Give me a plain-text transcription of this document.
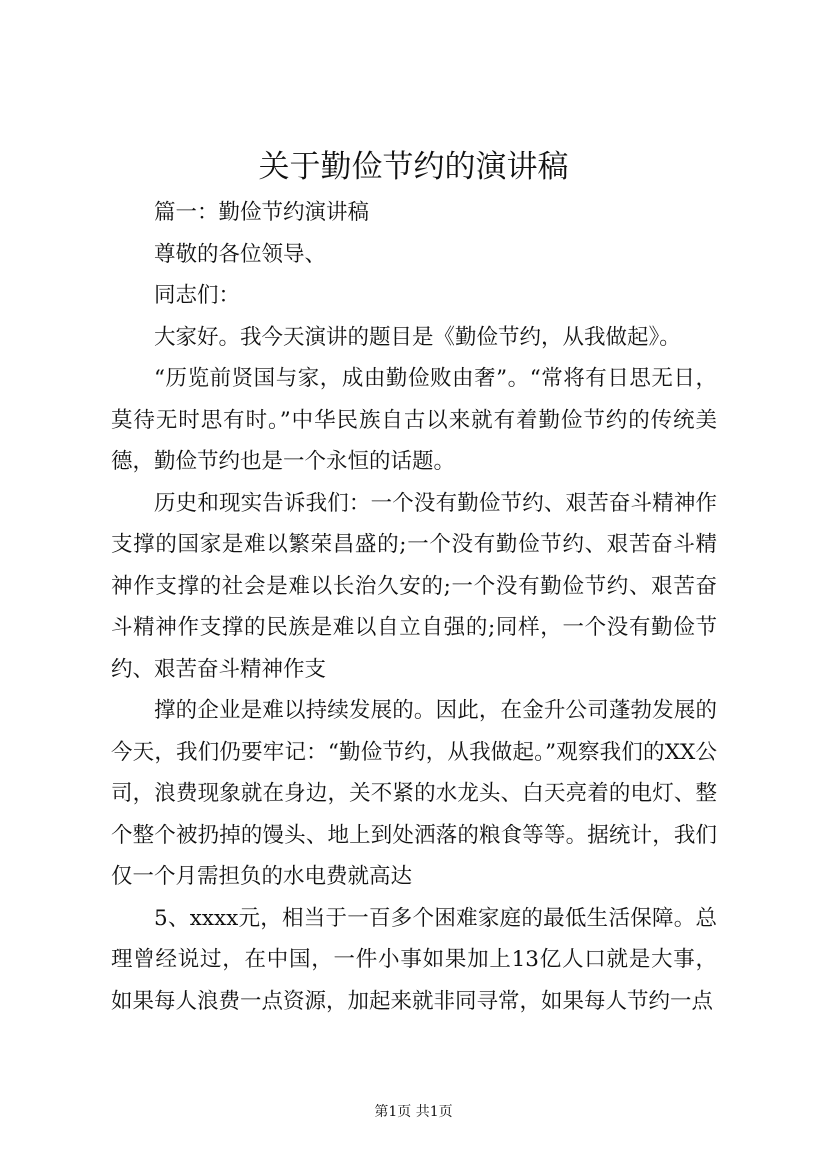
关于勤俭节约的演讲稿

篇一：勤俭节约演讲稿

尊敬的各位领导、

同志们：

大家好。我今天演讲的题目是《勤俭节约，从我做起》。

“历览前贤国与家，成由勤俭败由奢”。“常将有日思无日，莫待无时思有时。”中华民族自古以来就有着勤俭节约的传统美德，勤俭节约也是一个永恒的话题。

历史和现实告诉我们：一个没有勤俭节约、艰苦奋斗精神作支撑的国家是难以繁荣昌盛的;一个没有勤俭节约、艰苦奋斗精神作支撑的社会是难以长治久安的;一个没有勤俭节约、艰苦奋斗精神作支撑的民族是难以自立自强的;同样，一个没有勤俭节约、艰苦奋斗精神作支

撑的企业是难以持续发展的。因此，在金升公司蓬勃发展的今天，我们仍要牢记：“勤俭节约，从我做起。”观察我们的XX公司，浪费现象就在身边，关不紧的水龙头、白天亮着的电灯、整个整个被扔掉的馒头、地上到处洒落的粮食等等。据统计，我们仅一个月需担负的水电费就高达

5、xxxx元，相当于一百多个困难家庭的最低生活保障。总理曾经说过，在中国，一件小事如果加上13亿人口就是大事，如果每人浪费一点资源，加起来就非同寻常，如果每人节约一点

第1页 共1页
